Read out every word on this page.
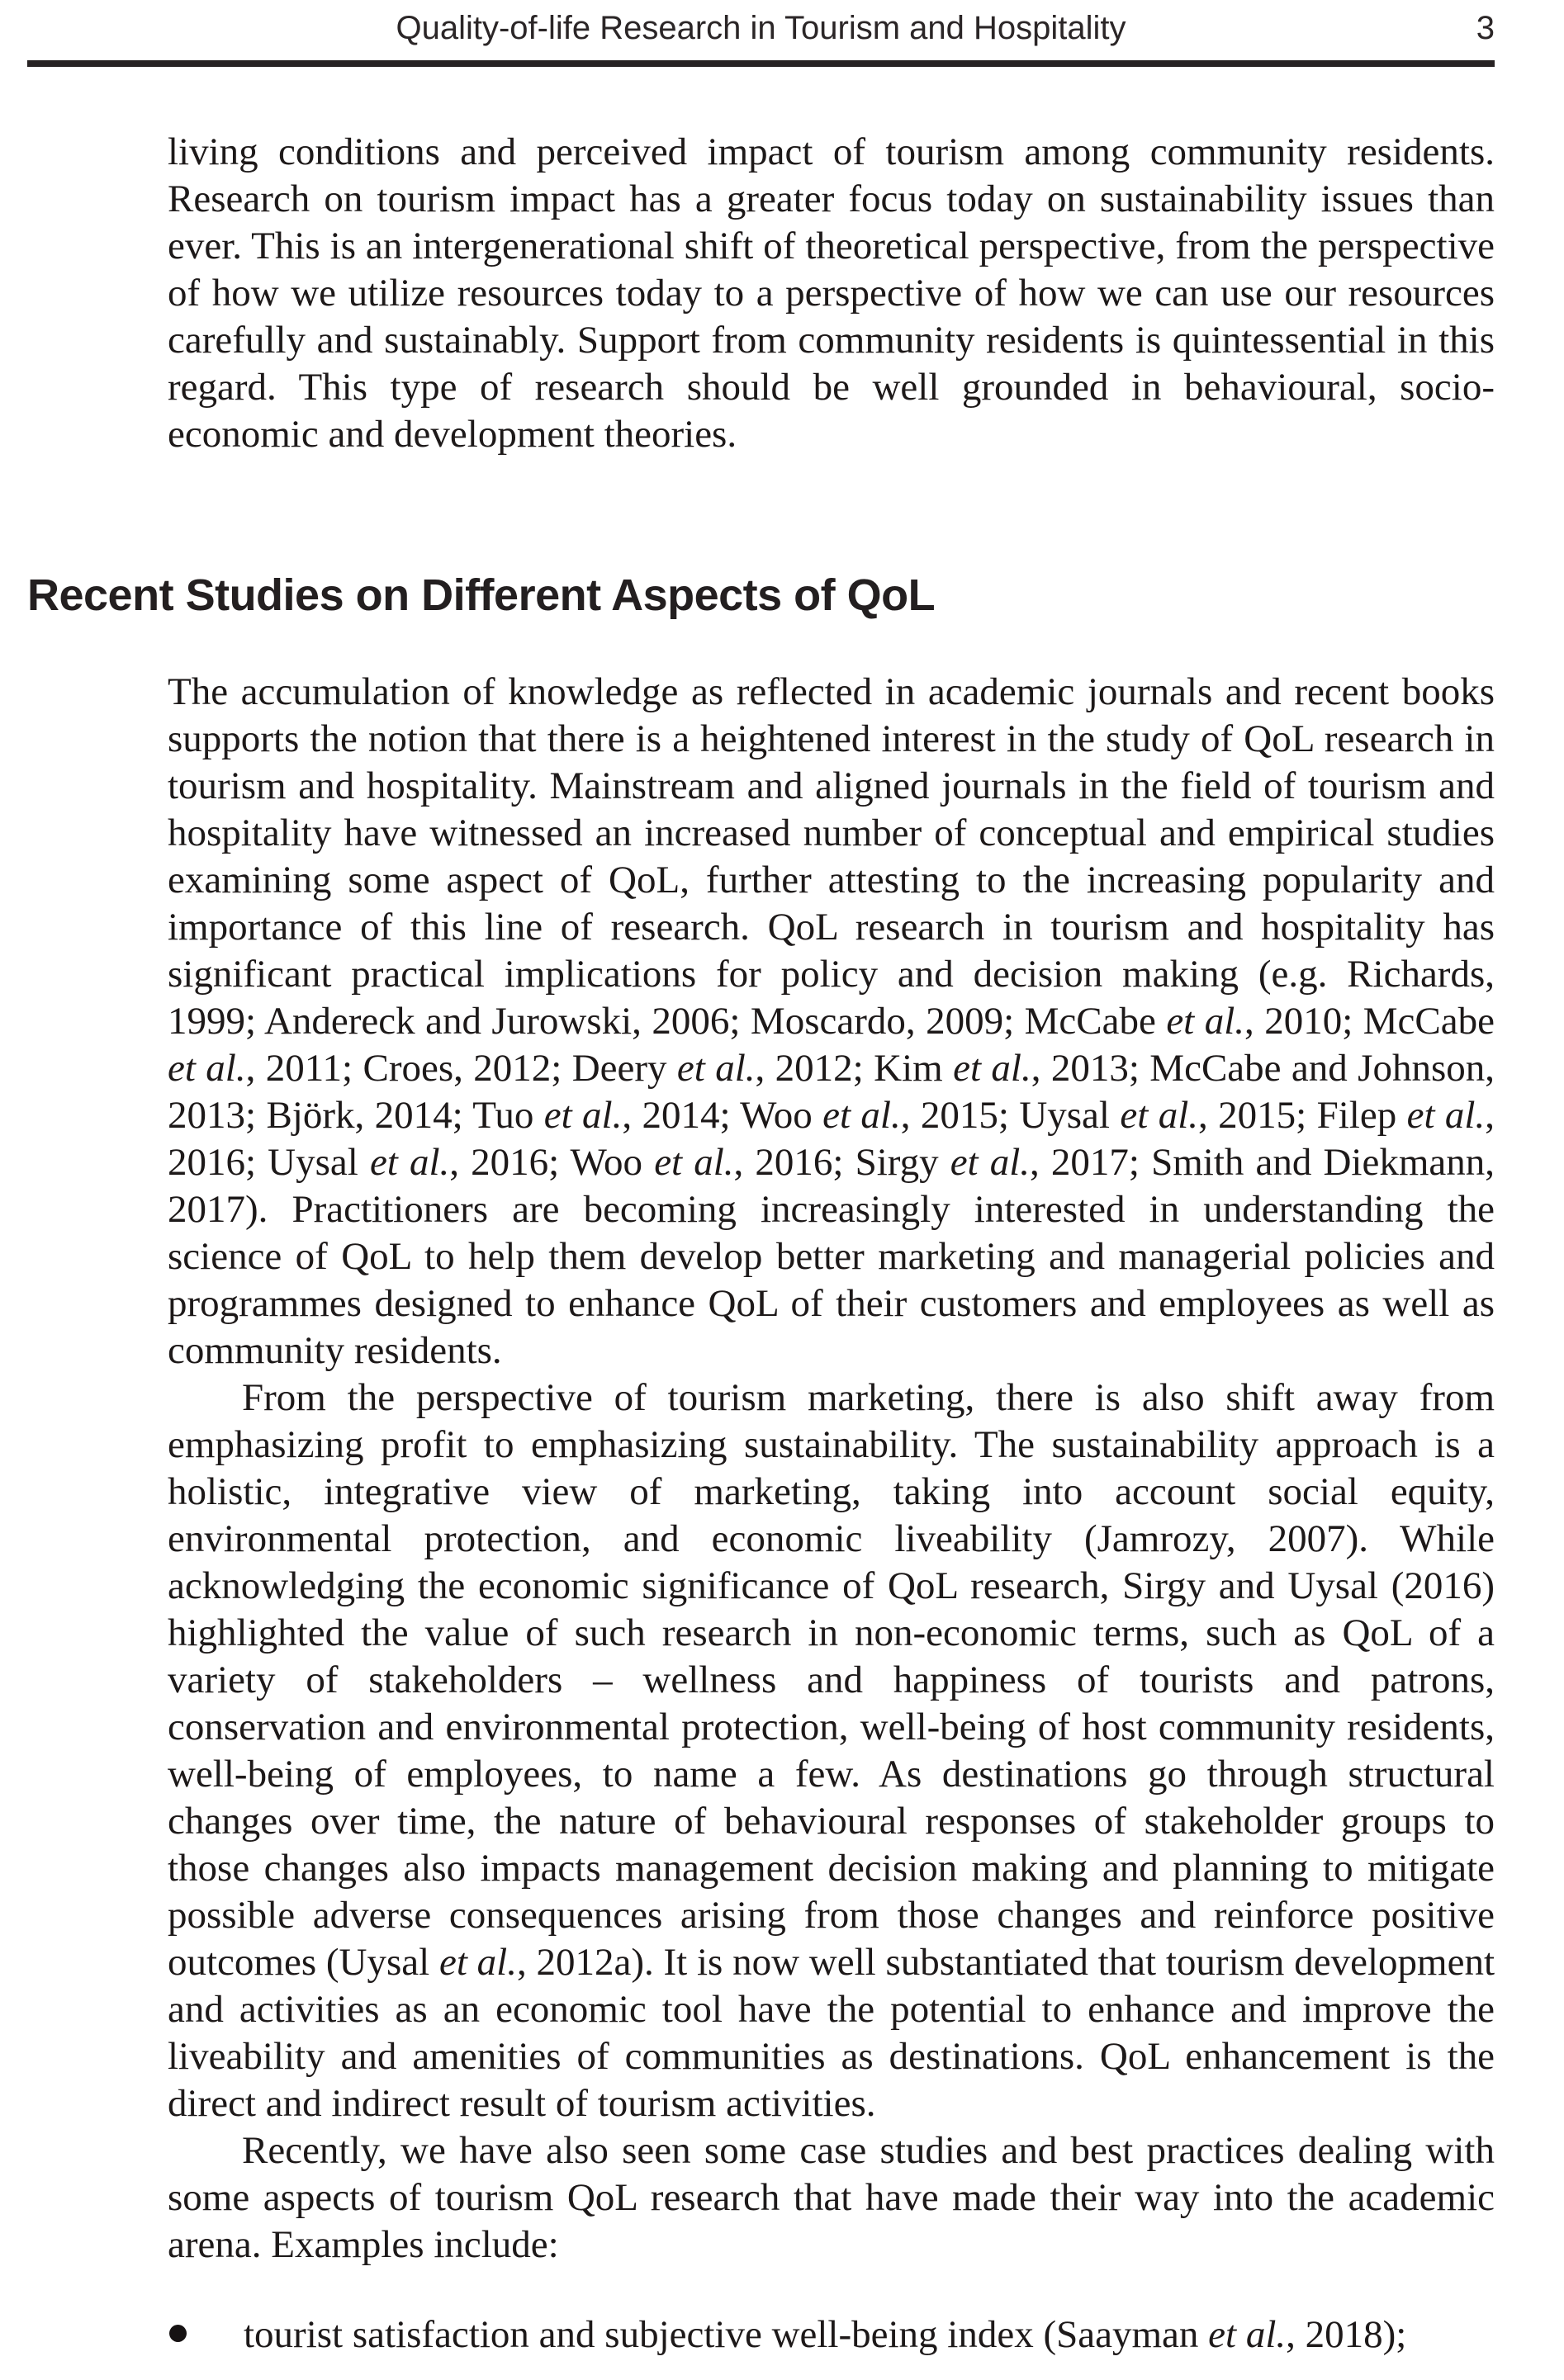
Quality-of-life Research in Tourism and Hospitality	3

living conditions and perceived impact of tourism among community residents. Research on tourism impact has a greater focus today on sustainability issues than ever. This is an intergenerational shift of theoretical perspective, from the perspective of how we utilize resources today to a perspective of how we can use our resources carefully and sustainably. Support from community residents is quintessential in this regard. This type of research should be well grounded in behavioural, socio-economic and development theories.

Recent Studies on Different Aspects of QoL

The accumulation of knowledge as reflected in academic journals and recent books supports the notion that there is a heightened interest in the study of QoL research in tourism and hospitality. Mainstream and aligned journals in the field of tourism and hospitality have witnessed an increased number of conceptual and empirical studies examining some aspect of QoL, further attesting to the increasing popularity and importance of this line of research. QoL research in tourism and hospitality has significant practical implications for policy and decision making (e.g. Richards, 1999; Andereck and Jurowski, 2006; Moscardo, 2009; McCabe et al., 2010; McCabe et al., 2011; Croes, 2012; Deery et al., 2012; Kim et al., 2013; McCabe and Johnson, 2013; Björk, 2014; Tuo et al., 2014; Woo et al., 2015; Uysal et al., 2015; Filep et al., 2016; Uysal et al., 2016; Woo et al., 2016; Sirgy et al., 2017; Smith and Diekmann, 2017). Practitioners are becoming increasingly interested in understanding the science of QoL to help them develop better marketing and managerial policies and programmes designed to enhance QoL of their customers and employees as well as community residents.

From the perspective of tourism marketing, there is also shift away from emphasizing profit to emphasizing sustainability. The sustainability approach is a holistic, integrative view of marketing, taking into account social equity, environmental protection, and economic liveability (Jamrozy, 2007). While acknowledging the economic significance of QoL research, Sirgy and Uysal (2016) highlighted the value of such research in non-economic terms, such as QoL of a variety of stakeholders – wellness and happiness of tourists and patrons, conservation and environmental protection, well-being of host community residents, well-being of employees, to name a few. As destinations go through structural changes over time, the nature of behavioural responses of stakeholder groups to those changes also impacts management decision making and planning to mitigate possible adverse consequences arising from those changes and reinforce positive outcomes (Uysal et al., 2012a). It is now well substantiated that tourism development and activities as an economic tool have the potential to enhance and improve the liveability and amenities of communities as destinations. QoL enhancement is the direct and indirect result of tourism activities.

Recently, we have also seen some case studies and best practices dealing with some aspects of tourism QoL research that have made their way into the academic arena. Examples include:

tourist satisfaction and subjective well-being index (Saayman et al., 2018);
